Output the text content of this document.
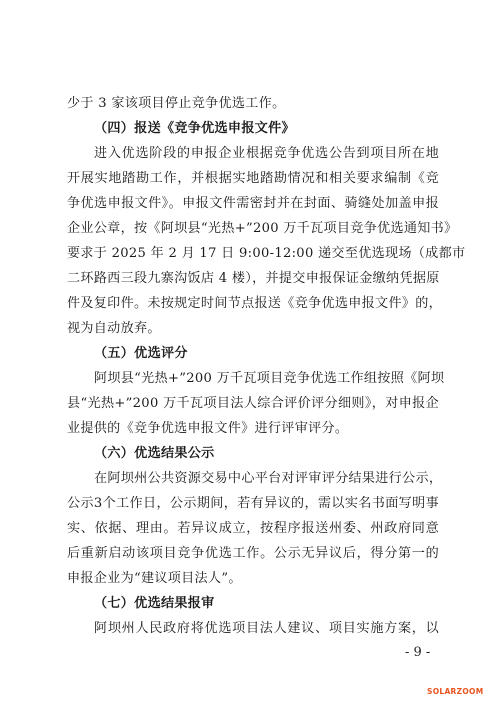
少于 3 家该项目停止竞争优选工作。
（四）报送《竞争优选申报文件》
进入优选阶段的申报企业根据竞争优选公告到项目所在地
开展实地踏勘工作，并根据实地踏勘情况和相关要求编制《竞
争优选申报文件》。申报文件需密封并在封面、骑缝处加盖申报
企业公章，按《阿坝县“光热+”200 万千瓦项目竞争优选通知书》
要求于 2025 年 2 月 17 日 9:00-12:00 递交至优选现场（成都市
二环路西三段九寨沟饭店 4 楼），并提交申报保证金缴纳凭据原
件及复印件。未按规定时间节点报送《竞争优选申报文件》的，
视为自动放弃。
（五）优选评分
阿坝县“光热+”200 万千瓦项目竞争优选工作组按照《阿坝
县“光热+”200 万千瓦项目法人综合评价评分细则》，对申报企
业提供的《竞争优选申报文件》进行评审评分。
（六）优选结果公示
在阿坝州公共资源交易中心平台对评审评分结果进行公示，
公示3个工作日，公示期间，若有异议的，需以实名书面写明事
实、依据、理由。若异议成立，按程序报送州委、州政府同意
后重新启动该项目竞争优选工作。公示无异议后，得分第一的
申报企业为“建议项目法人”。
（七）优选结果报审
阿坝州人民政府将优选项目法人建议、项目实施方案，以
- 9 -
SOLARZOOM
